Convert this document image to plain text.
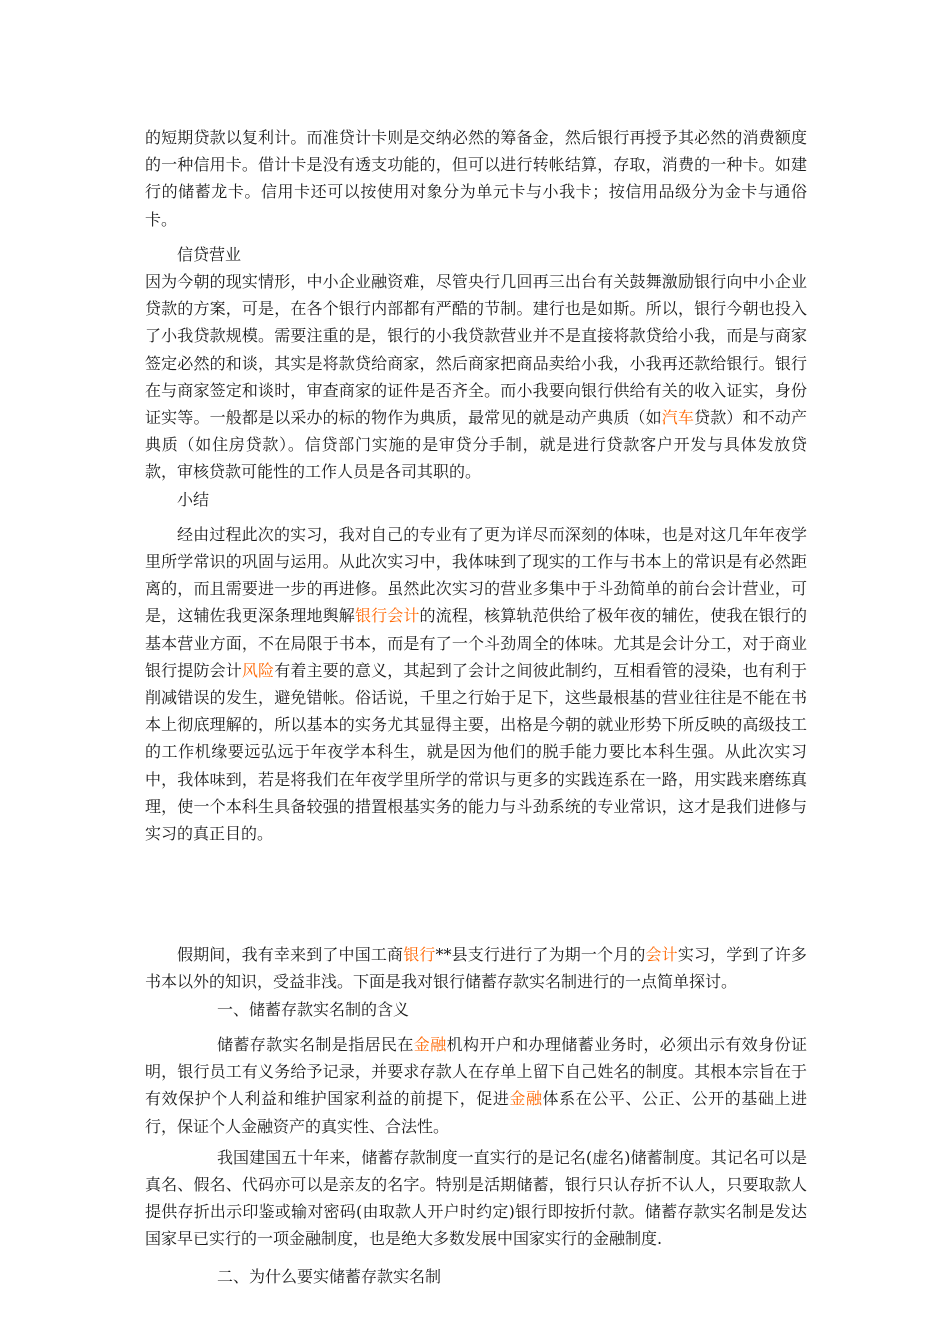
的短期贷款以复利计。而准贷计卡则是交纳必然的筹备金，然后银行再授予其必然的消费额度的一种信用卡。借计卡是没有透支功能的，但可以进行转帐结算，存取，消费的一种卡。如建行的储蓄龙卡。信用卡还可以按使用对象分为单元卡与小我卡；按信用品级分为金卡与通俗卡。

信贷营业

因为今朝的现实情形，中小企业融资难，尽管央行几回再三出台有关鼓舞激励银行向中小企业贷款的方案，可是，在各个银行内部都有严酷的节制。建行也是如斯。所以，银行今朝也投入了小我贷款规模。需要注重的是，银行的小我贷款营业并不是直接将款贷给小我，而是与商家签定必然的和谈，其实是将款贷给商家，然后商家把商品卖给小我，小我再还款给银行。银行在与商家签定和谈时，审查商家的证件是否齐全。而小我要向银行供给有关的收入证实，身份证实等。一般都是以采办的标的物作为典质，最常见的就是动产典质（如汽车贷款）和不动产典质（如住房贷款）。信贷部门实施的是审贷分手制，就是进行贷款客户开发与具体发放贷款，审核贷款可能性的工作人员是各司其职的。

小结

经由过程此次的实习，我对自己的专业有了更为详尽而深刻的体味，也是对这几年年夜学里所学常识的巩固与运用。从此次实习中，我体味到了现实的工作与书本上的常识是有必然距离的，而且需要进一步的再进修。虽然此次实习的营业多集中于斗劲简单的前台会计营业，可是，这辅佐我更深条理地舆解银行会计的流程，核算轨范供给了极年夜的辅佐，使我在银行的基本营业方面，不在局限于书本，而是有了一个斗劲周全的体味。尤其是会计分工，对于商业银行提防会计风险有着主要的意义，其起到了会计之间彼此制约，互相看管的浸染，也有利于削减错误的发生，避免错帐。俗话说，千里之行始于足下，这些最根基的营业往往是不能在书本上彻底理解的，所以基本的实务尤其显得主要，出格是今朝的就业形势下所反映的高级技工的工作机缘要远弘远于年夜学本科生，就是因为他们的脱手能力要比本科生强。从此次实习中，我体味到，若是将我们在年夜学里所学的常识与更多的实践连系在一路，用实践来磨练真理，使一个本科生具备较强的措置根基实务的能力与斗劲系统的专业常识，这才是我们进修与实习的真正目的。

假期间，我有幸来到了中国工商银行**县支行进行了为期一个月的会计实习，学到了许多书本以外的知识，受益非浅。下面是我对银行储蓄存款实名制进行的一点简单探讨。

一、储蓄存款实名制的含义

储蓄存款实名制是指居民在金融机构开户和办理储蓄业务时，必须出示有效身份证明，银行员工有义务给予记录，并要求存款人在存单上留下自己姓名的制度。其根本宗旨在于有效保护个人利益和维护国家利益的前提下，促进金融体系在公平、公正、公开的基础上进行，保证个人金融资产的真实性、合法性。

我国建国五十年来，储蓄存款制度一直实行的是记名(虚名)储蓄制度。其记名可以是真名、假名、代码亦可以是亲友的名字。特别是活期储蓄，银行只认存折不认人，只要取款人提供存折出示印鉴或输对密码(由取款人开户时约定)银行即按折付款。储蓄存款实名制是发达国家早已实行的一项金融制度，也是绝大多数发展中国家实行的金融制度.

二、为什么要实储蓄存款实名制
